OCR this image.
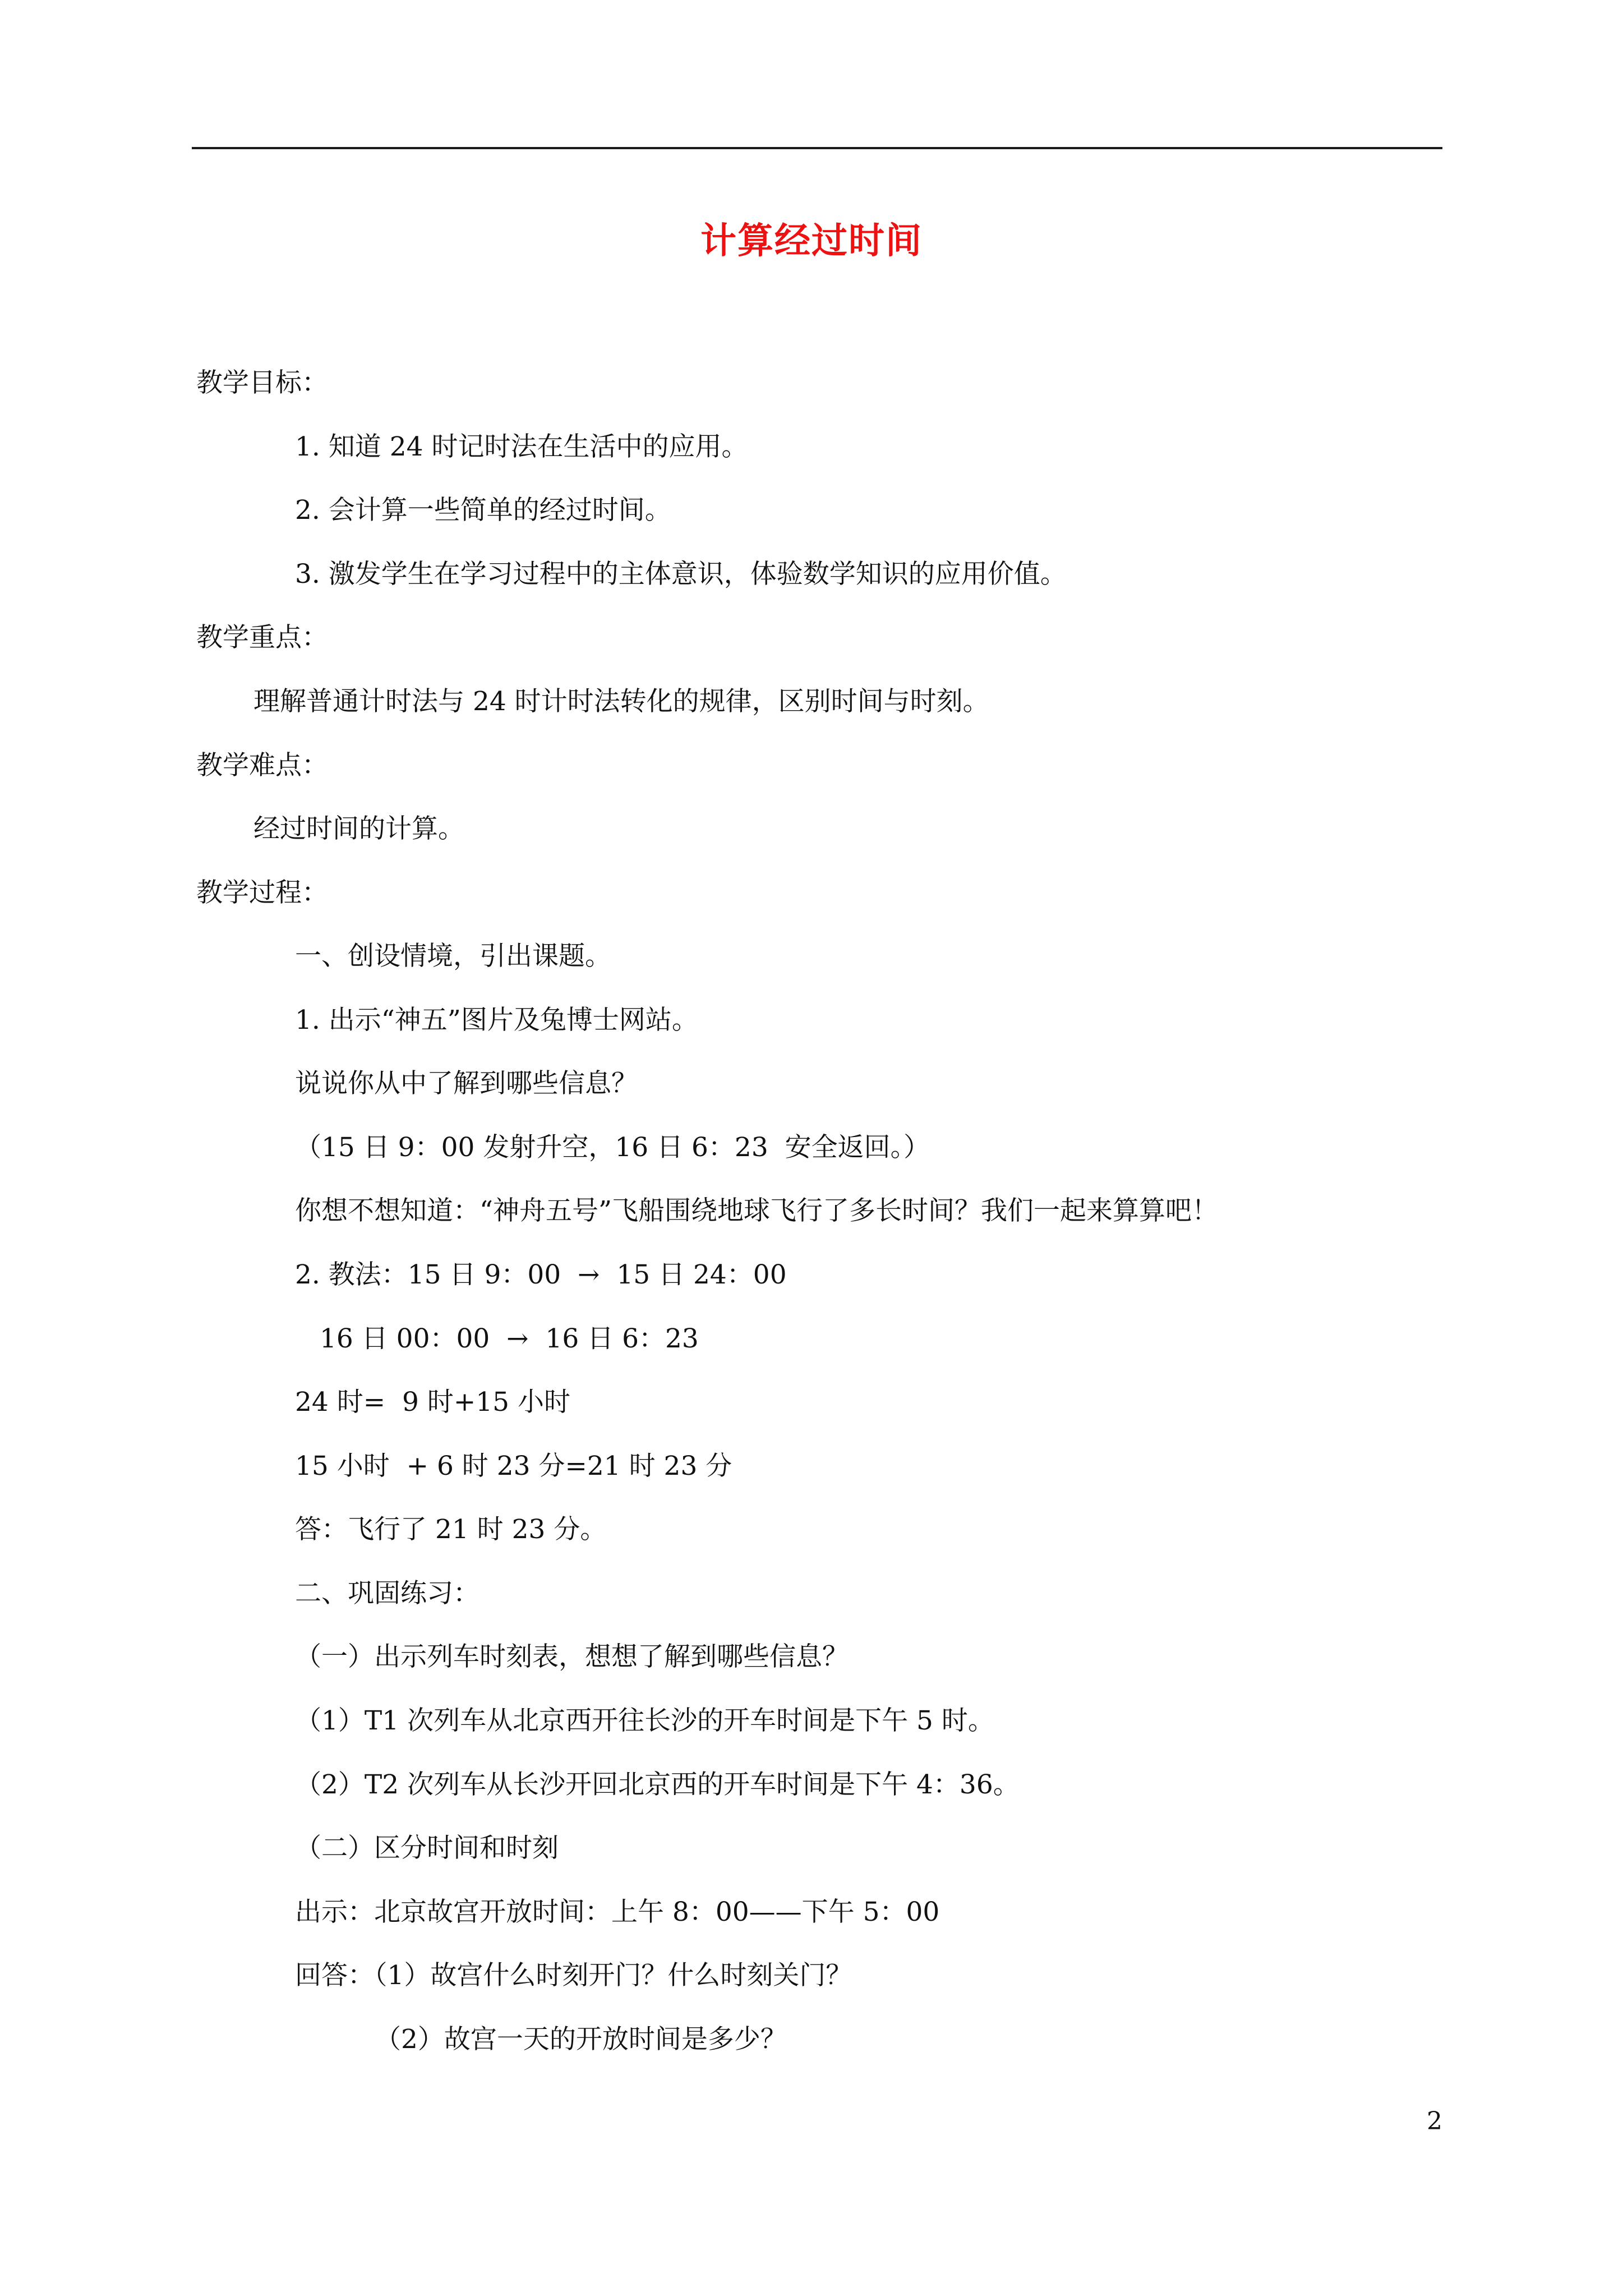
计算经过时间
教学目标：
1. 知道 24 时记时法在生活中的应用。
2. 会计算一些简单的经过时间。
3. 激发学生在学习过程中的主体意识，体验数学知识的应用价值。
教学重点：
理解普通计时法与 24 时计时法转化的规律，区别时间与时刻。
教学难点：
经过时间的计算。
教学过程：
一、创设情境，引出课题。
1. 出示“神五”图片及兔博士网站。
说说你从中了解到哪些信息？
（15 日 9：00 发射升空，16 日 6：23  安全返回。）
你想不想知道：“神舟五号”飞船围绕地球飞行了多长时间？我们一起来算算吧！
2. 教法：15 日 9：00  →  15 日 24：00
16 日 00：00  →  16 日 6：23
24 时=  9 时+15 小时
15 小时  + 6 时 23 分=21 时 23 分
答：飞行了 21 时 23 分。
二、巩固练习：
（一）出示列车时刻表，想想了解到哪些信息？
（1）T1 次列车从北京西开往长沙的开车时间是下午 5 时。
（2）T2 次列车从长沙开回北京西的开车时间是下午 4：36。
（二）区分时间和时刻
出示：北京故宫开放时间：上午 8：00——下午 5：00
回答：（1）故宫什么时刻开门？什么时刻关门？
（2）故宫一天的开放时间是多少？
2
